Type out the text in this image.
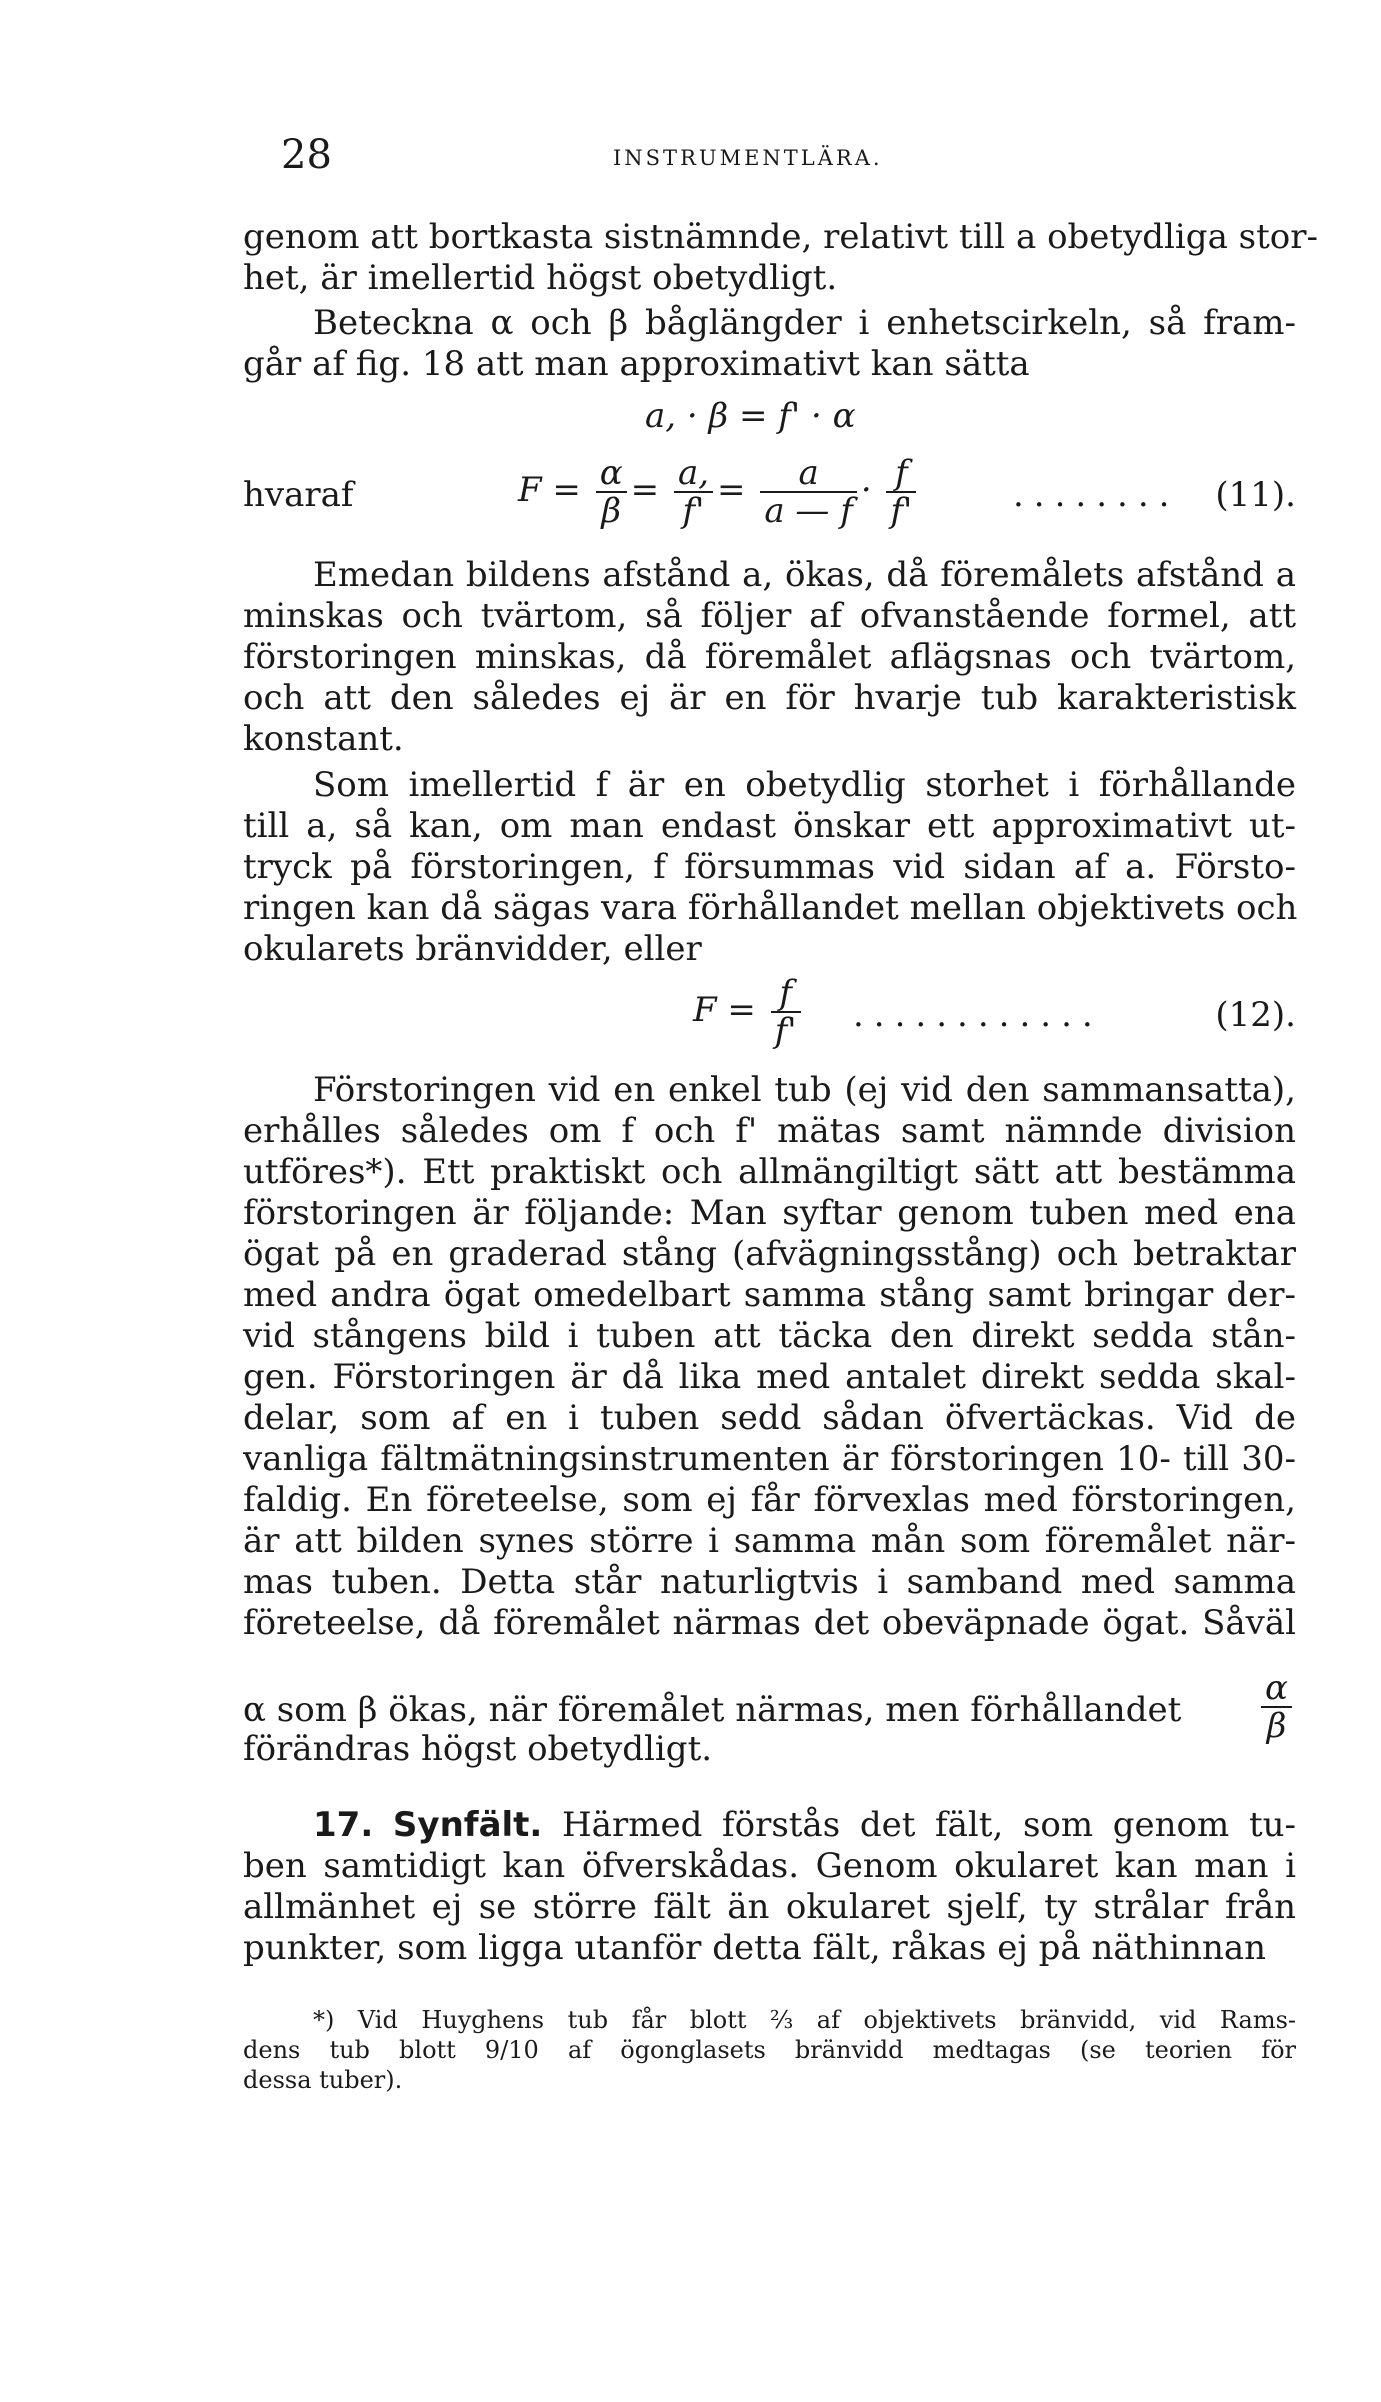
28	INSTRUMENTLÄRA.
genom att bortkasta sistnämnde, relativt till a obetydliga stor-
het, är imellertid högst obetydligt.
Beteckna α och β båglängder i enhetscirkeln, så fram-
går af fig. 18 att man approximativt kan sätta
a, · β = f' · α
hvaraf	$F = \frac{\alpha}{\beta} = \frac{a,}{f'} = \frac{a}{a — f} \cdot \frac{f}{f'}$	........ (11).
Emedan bildens afstånd a, ökas, då föremålets afstånd a
minskas och tvärtom, så följer af ofvanstående formel, att
förstoringen minskas, då föremålet aflägsnas och tvärtom,
och att den således ej är en för hvarje tub karakteristisk
konstant.
Som imellertid f är en obetydlig storhet i förhållande
till a, så kan, om man endast önskar ett approximativt ut-
tryck på förstoringen, f försummas vid sidan af a. Försto-
ringen kan då sägas vara förhållandet mellan objektivets och
okularets bränvidder, eller
$F = \frac{f}{f'}$ ............	(12).
Förstoringen vid en enkel tub (ej vid den sammansatta),
erhålles således om f och f' mätas samt nämnde division
utföres*). Ett praktiskt och allmängiltigt sätt att bestämma
förstoringen är följande: Man syftar genom tuben med ena
ögat på en graderad stång (afvägningsstång) och betraktar
med andra ögat omedelbart samma stång samt bringar der-
vid stångens bild i tuben att täcka den direkt sedda stån-
gen. Förstoringen är då lika med antalet direkt sedda skal-
delar, som af en i tuben sedd sådan öfvertäckas. Vid de
vanliga fältmätningsinstrumenten är förstoringen 10- till 30-
faldig. En företeelse, som ej får förvexlas med förstoringen,
är att bilden synes större i samma mån som föremålet när-
mas tuben. Detta står naturligtvis i samband med samma
företeelse, då föremålet närmas det obeväpnade ögat. Såväl
α som β ökas, när föremålet närmas, men förhållandet $\frac{\alpha}{\beta}$
förändras högst obetydligt.
17. Synfält. Härmed förstås det fält, som genom tu-
ben samtidigt kan öfverskådas. Genom okularet kan man i
allmänhet ej se större fält än okularet sjelf, ty strålar från
punkter, som ligga utanför detta fält, råkas ej på näthinnan
*) Vid Huyghens tub får blott ⅔ af objektivets bränvidd, vid Rams-
dens tub blott 9/10 af ögonglasets bränvidd medtagas (se teorien för
dessa tuber).
